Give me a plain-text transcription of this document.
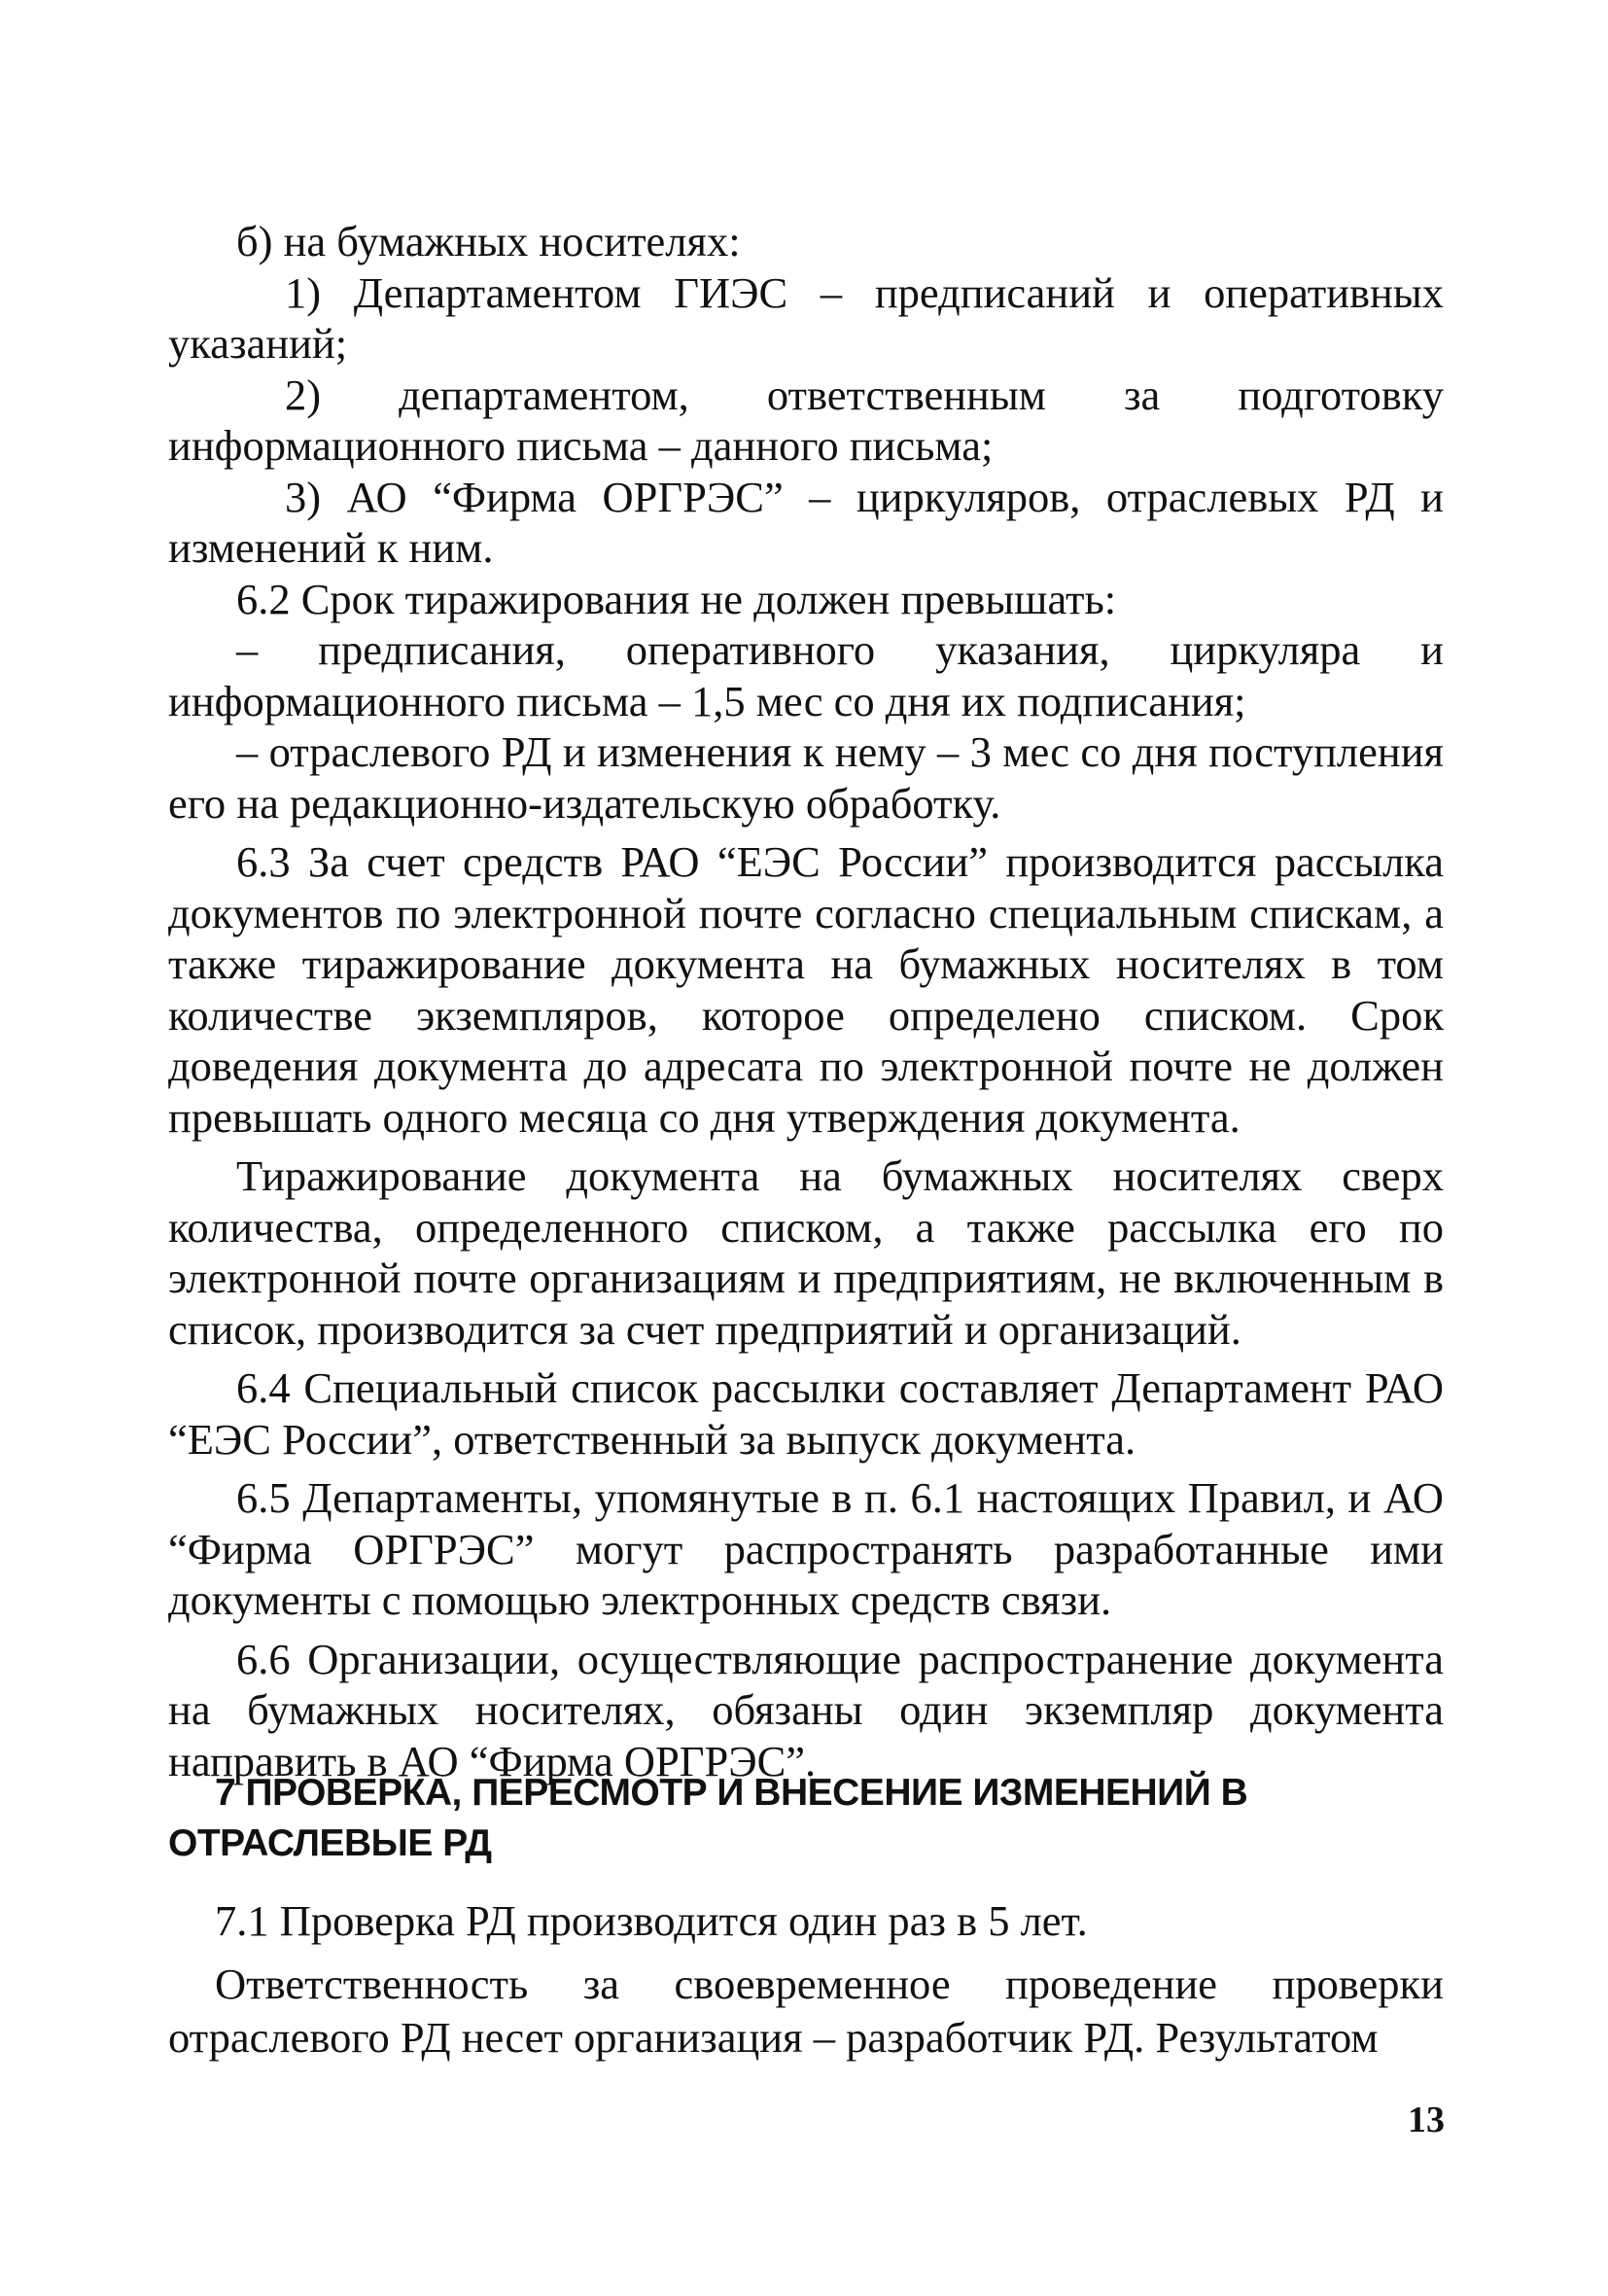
б) на бумажных носителях:

1) Департаментом ГИЭС – предписаний и оперативных указаний;

2) департаментом, ответственным за подготовку информационного письма – данного письма;

3) АО “Фирма ОРГРЭС” – циркуляров, отраслевых РД и изменений к ним.

6.2 Срок тиражирования не должен превышать:

– предписания, оперативного указания, циркуляра и информационного письма – 1,5 мес со дня их подписания;

– отраслевого РД и изменения к нему – 3 мес со дня поступления его на редакционно-издательскую обработку.

6.3 За счет средств РАО “ЕЭС России” производится рассылка документов по электронной почте согласно специальным спискам, а также тиражирование документа на бумажных носителях в том количестве экземпляров, которое определено списком. Срок доведения документа до адресата по электронной почте не должен превышать одного месяца со дня утверждения документа.

Тиражирование документа на бумажных носителях сверх количества, определенного списком, а также рассылка его по электронной почте организациям и предприятиям, не включенным в список, производится за счет предприятий и организаций.

6.4 Специальный список рассылки составляет Департамент РАО “ЕЭС России”, ответственный за выпуск документа.

6.5 Департаменты, упомянутые в п. 6.1 настоящих Правил, и АО “Фирма ОРГРЭС” могут распространять разработанные ими документы с помощью электронных средств связи.

6.6 Организации, осуществляющие распространение документа на бумажных носителях, обязаны один экземпляр документа направить в АО “Фирма ОРГРЭС”.

7 ПРОВЕРКА, ПЕРЕСМОТР И ВНЕСЕНИЕ ИЗМЕНЕНИЙ В ОТРАСЛЕВЫЕ РД

7.1 Проверка РД производится один раз в 5 лет.

Ответственность за своевременное проведение проверки отраслевого РД несет организация – разработчик РД. Результатом

13
